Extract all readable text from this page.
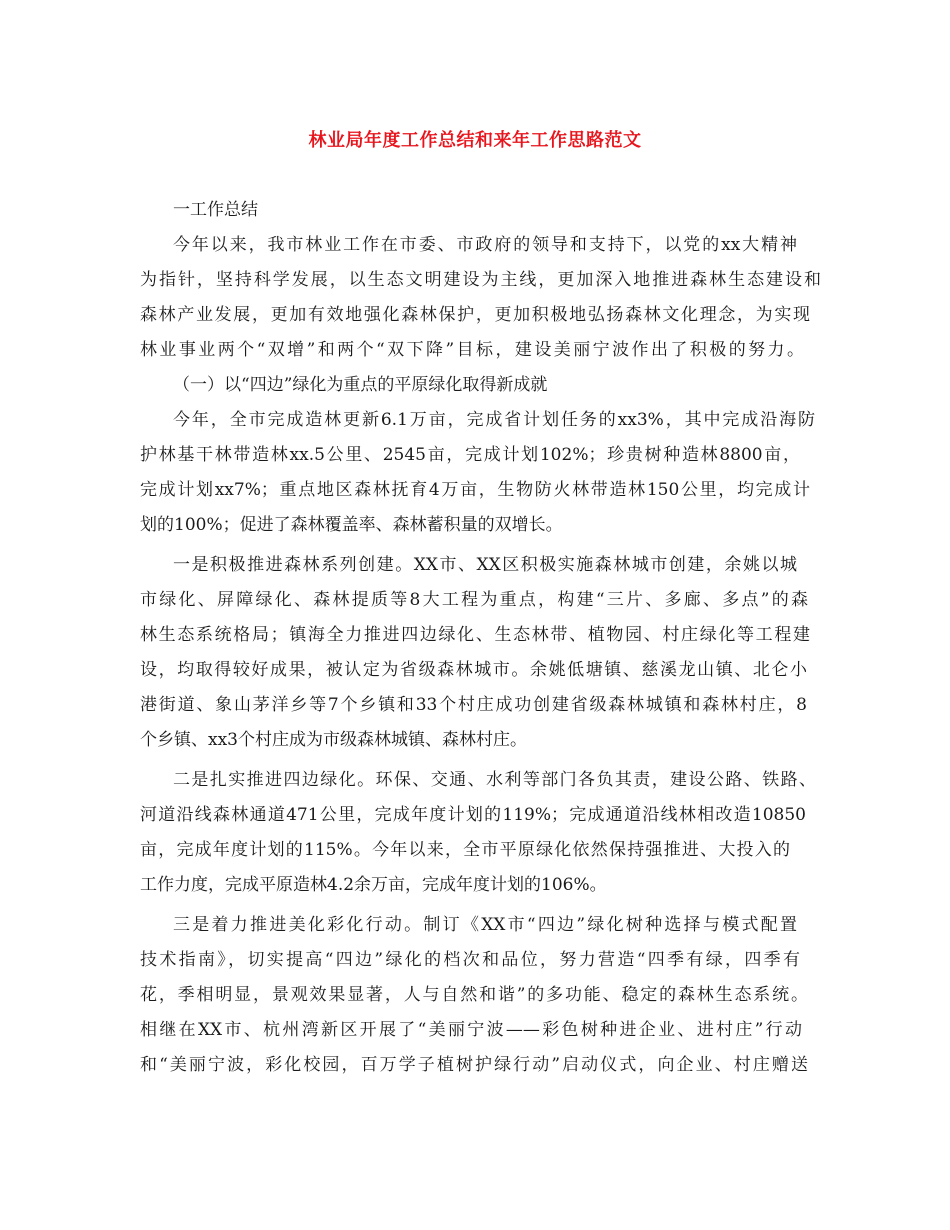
林业局年度工作总结和来年工作思路范文
一工作总结
今年以来，我市林业工作在市委、市政府的领导和支持下，以党的xx大精神
为指针，坚持科学发展，以生态文明建设为主线，更加深入地推进森林生态建设和
森林产业发展，更加有效地强化森林保护，更加积极地弘扬森林文化理念，为实现
林业事业两个“双增”和两个“双下降”目标，建设美丽宁波作出了积极的努力。
（一）以“四边”绿化为重点的平原绿化取得新成就
今年，全市完成造林更新6.1万亩，完成省计划任务的xx3%，其中完成沿海防
护林基干林带造林xx.5公里、2545亩，完成计划102%；珍贵树种造林8800亩，
完成计划xx7%；重点地区森林抚育4万亩，生物防火林带造林150公里，均完成计
划的100%；促进了森林覆盖率、森林蓄积量的双增长。
一是积极推进森林系列创建。XX市、XX区积极实施森林城市创建，余姚以城
市绿化、屏障绿化、森林提质等8大工程为重点，构建“三片、多廊、多点”的森
林生态系统格局；镇海全力推进四边绿化、生态林带、植物园、村庄绿化等工程建
设，均取得较好成果，被认定为省级森林城市。余姚低塘镇、慈溪龙山镇、北仑小
港街道、象山茅洋乡等7个乡镇和33个村庄成功创建省级森林城镇和森林村庄，8
个乡镇、xx3个村庄成为市级森林城镇、森林村庄。
二是扎实推进四边绿化。环保、交通、水利等部门各负其责，建设公路、铁路、
河道沿线森林通道471公里，完成年度计划的119%；完成通道沿线林相改造10850
亩，完成年度计划的115%。今年以来，全市平原绿化依然保持强推进、大投入的
工作力度，完成平原造林4.2余万亩，完成年度计划的106%。
三是着力推进美化彩化行动。制订《XX市“四边”绿化树种选择与模式配置
技术指南》，切实提高“四边”绿化的档次和品位，努力营造“四季有绿，四季有
花，季相明显，景观效果显著，人与自然和谐”的多功能、稳定的森林生态系统。
相继在XX市、杭州湾新区开展了“美丽宁波——彩色树种进企业、进村庄”行动
和“美丽宁波，彩化校园，百万学子植树护绿行动”启动仪式，向企业、村庄赠送
